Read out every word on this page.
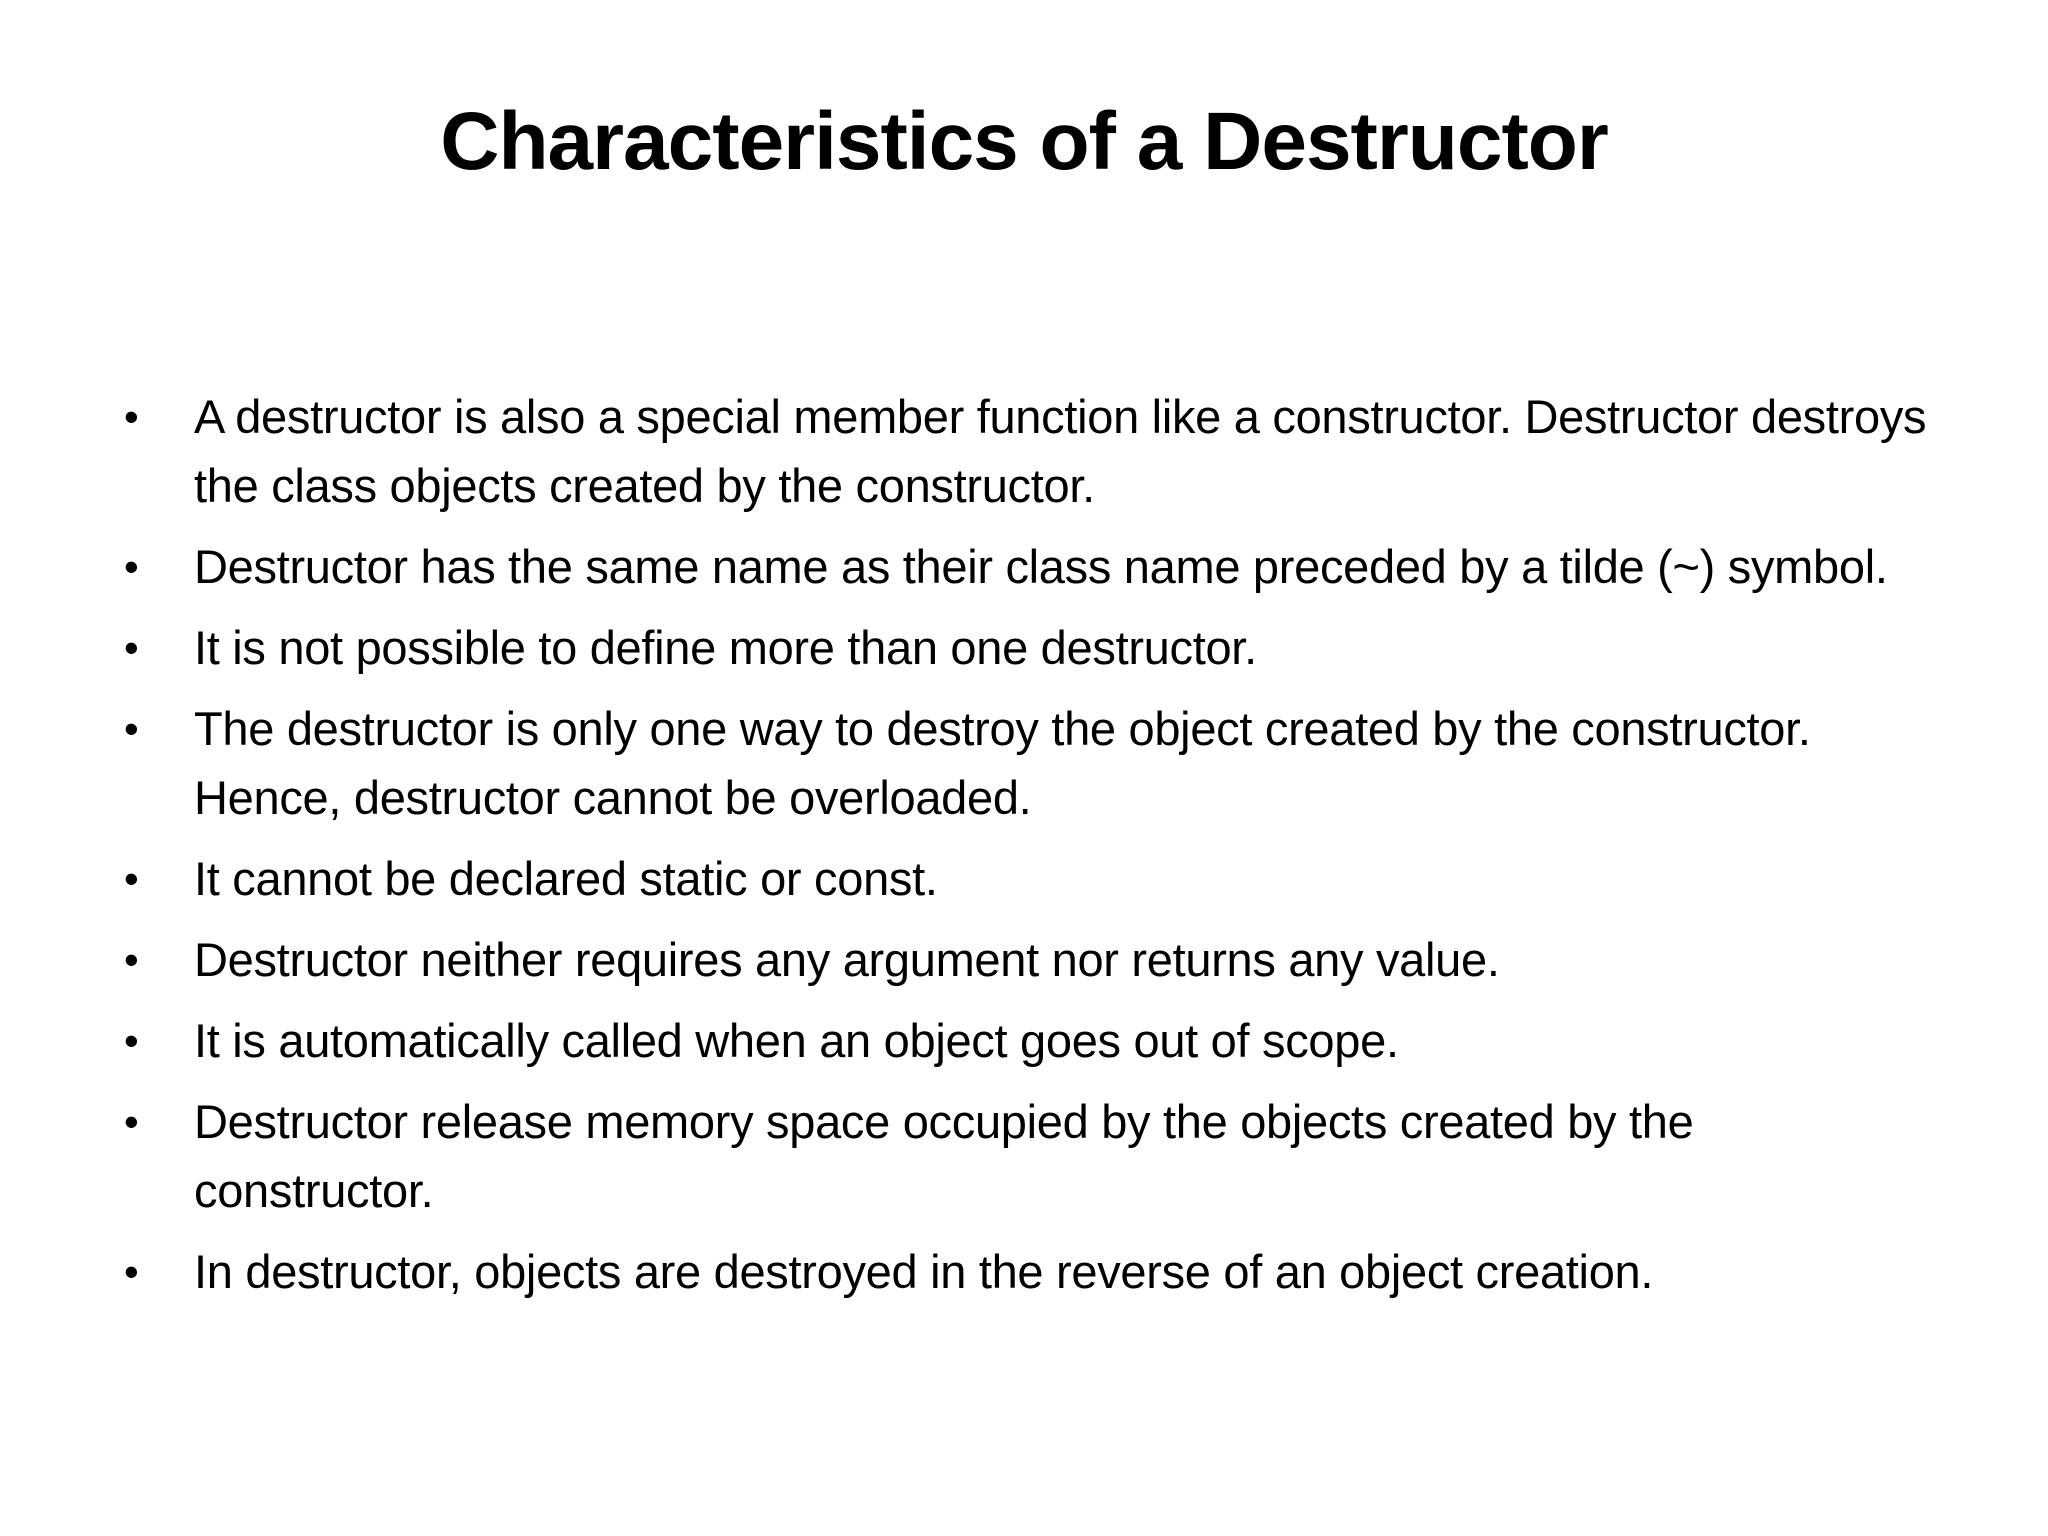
Characteristics of a Destructor
• A destructor is also a special member function like a constructor. Destructor destroys the class objects created by the constructor.
• Destructor has the same name as their class name preceded by a tilde (~) symbol.
• It is not possible to define more than one destructor.
• The destructor is only one way to destroy the object created by the constructor. Hence, destructor cannot be overloaded.
• It cannot be declared static or const.
• Destructor neither requires any argument nor returns any value.
• It is automatically called when an object goes out of scope.
• Destructor release memory space occupied by the objects created by the constructor.
• In destructor, objects are destroyed in the reverse of an object creation.
